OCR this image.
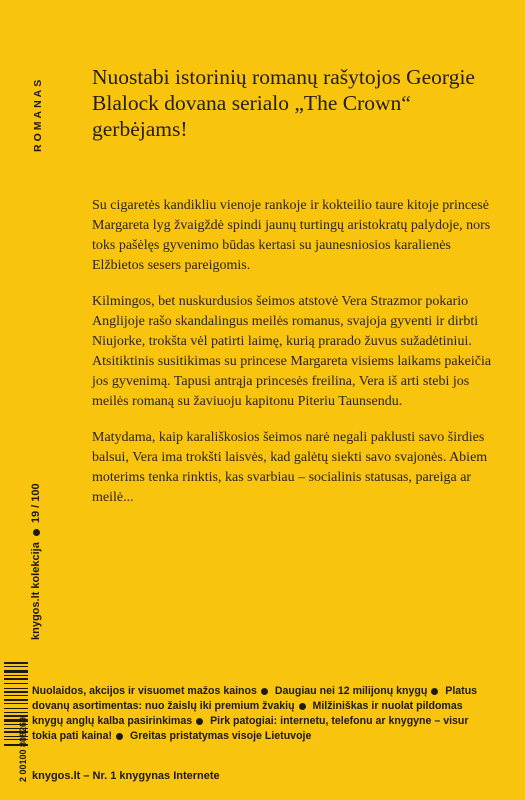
ROMANAS
knygos.lt kolekcija19 / 100
Nuostabi istorinių romanų rašytojos Georgie Blalock dovana serialo „The Crown“ gerbėjams!

Su cigaretės kandikliu vienoje rankoje ir kokteilio taure kitoje princesė Margareta lyg žvaigždė spindi jaunų turtingų aristokratų palydoje, nors toks pašėlęs gyvenimo būdas kertasi su jaunesniosios karalienės Elžbietos sesers pareigomis.

Kilmingos, bet nuskurdusios šeimos atstovė Vera Strazmor pokario Anglijoje rašo skandalingus meilės romanus, svajoja gyventi ir dirbti Niujorke, trokšta vėl patirti laimę, kurią prarado žuvus sužadėtiniui. Atsitiktinis susitikimas su princese Margareta visiems laikams pakeičia jos gyvenimą. Tapusi antrąja princesės freilina, Vera iš arti stebi jos meilės romaną su žaviuoju kapitonu Piteriu Taunsendu.

Matydama, kaip karališkosios šeimos narė negali paklusti savo širdies balsui, Vera ima trokšti laisvės, kad galėtų siekti savo svajonės. Abiem moterims tenka rinktis, kas svarbiau – socialinis statusas, pareiga ar meilė...

Nuolaidos, akcijos ir visuomet mažos kainos Daugiau nei 12 milijonų knygų Platus dovanų asortimentas: nuo žaislų iki premium žvakių Milžiniškas ir nuolat pildomas knygų anglų kalba pasirinkimas Pirk patogiai: internetu, telefonu ar knygyne – visur tokia pati kaina! Greitas pristatymas visoje Lietuvoje
knygos.lt – Nr. 1 knygynas Internete
2 00100 808269
